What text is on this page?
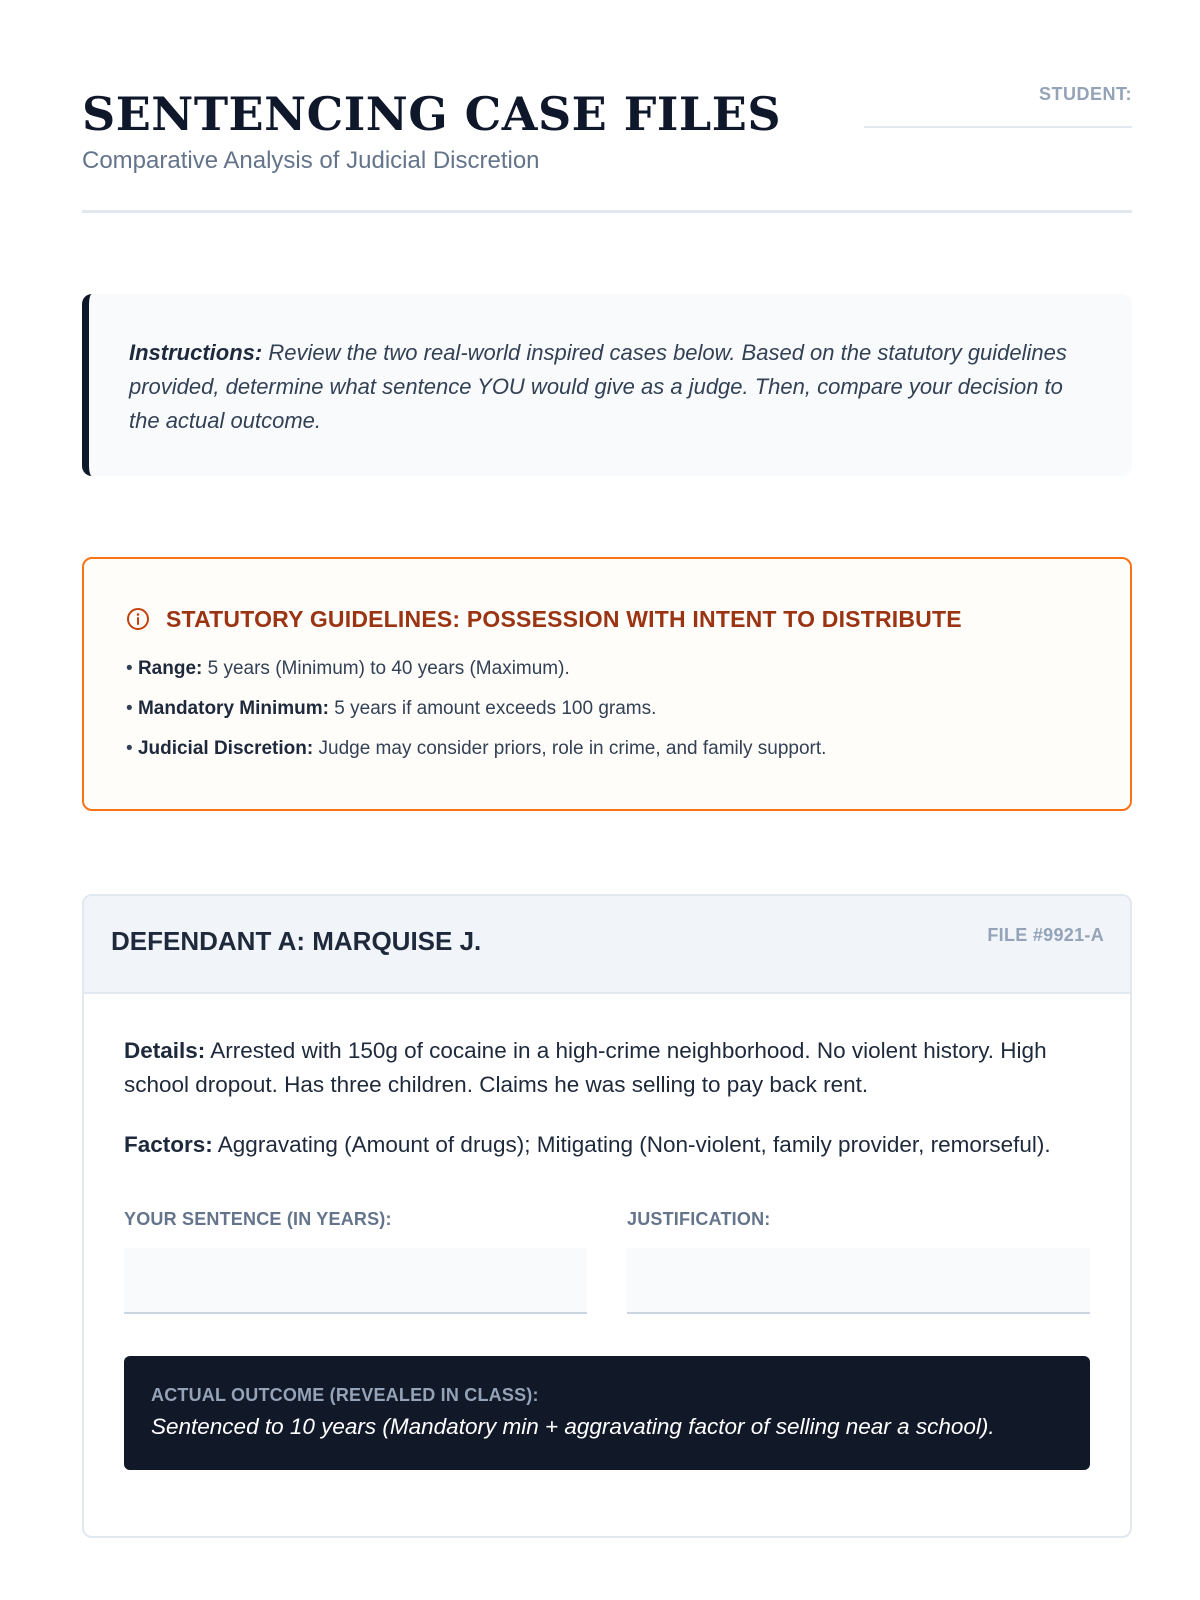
SENTENCING CASE FILES
Comparative Analysis of Judicial Discretion
STUDENT:
Instructions: Review the two real-world inspired cases below. Based on the statutory guidelines provided, determine what sentence YOU would give as a judge. Then, compare your decision to the actual outcome.
STATUTORY GUIDELINES: POSSESSION WITH INTENT TO DISTRIBUTE
• Range: 5 years (Minimum) to 40 years (Maximum).
• Mandatory Minimum: 5 years if amount exceeds 100 grams.
• Judicial Discretion: Judge may consider priors, role in crime, and family support.
DEFENDANT A: MARQUISE J.	FILE #9921-A

Details: Arrested with 150g of cocaine in a high-crime neighborhood. No violent history. High school dropout. Has three children. Claims he was selling to pay back rent.

Factors: Aggravating (Amount of drugs); Mitigating (Non-violent, family provider, remorseful).

YOUR SENTENCE (IN YEARS):	JUSTIFICATION:
ACTUAL OUTCOME (REVEALED IN CLASS):
Sentenced to 10 years (Mandatory min + aggravating factor of selling near a school).
